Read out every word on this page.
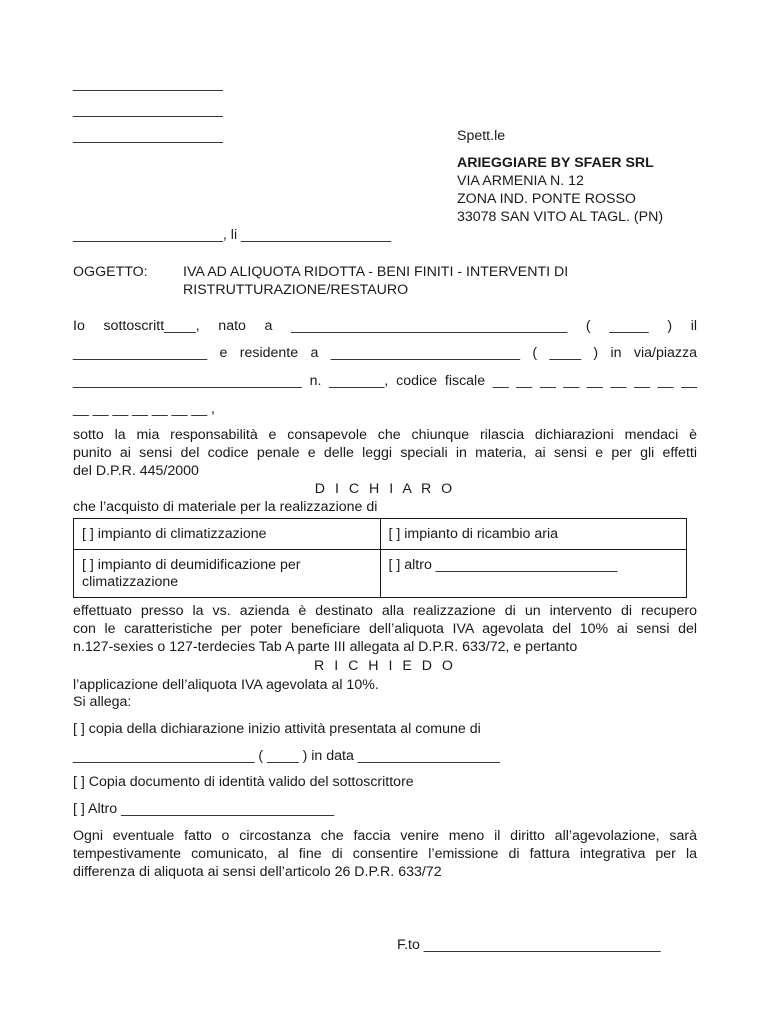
___________________
___________________
___________________	Spett.le
ARIEGGIARE BY SFAER SRL
VIA ARMENIA N. 12
ZONA IND. PONTE ROSSO
33078 SAN VITO AL TAGL. (PN)
___________________, li ___________________
OGGETTO: IVA AD ALIQUOTA RIDOTTA - BENI FINITI - INTERVENTI DI
RISTRUTTURAZIONE/RESTAURO
Io sottoscritt____, nato a ___________________________________ ( _____ ) il
_________________ e residente a ________________________ ( ____ ) in via/piazza
_____________________________ n. _______, codice fiscale __ __ __ __ __ __ __ __ __
__ __ __ __ __ __ __ ,
sotto la mia responsabilità e consapevole che chiunque rilascia dichiarazioni mendaci è
punito ai sensi del codice penale e delle leggi speciali in materia, ai sensi e per gli effetti
del D.P.R. 445/2000
D I C H I A R O
che l’acquisto di materiale per la realizzazione di
[ ] impianto di climatizzazione	[ ] impianto di ricambio aria
[ ] impianto di deumidificazione per climatizzazione	[ ] altro _______________________
effettuato presso la vs. azienda è destinato alla realizzazione di un intervento di recupero
con le caratteristiche per poter beneficiare dell’aliquota IVA agevolata del 10% ai sensi del
n.127-sexies o 127-terdecies Tab A parte III allegata al D.P.R. 633/72, e pertanto
R I C H I E D O
l’applicazione dell’aliquota IVA agevolata al 10%.
Si allega:
[ ] copia della dichiarazione inizio attività presentata al comune di
_______________________ ( ____ ) in data __________________
[ ] Copia documento di identità valido del sottoscrittore
[ ] Altro ___________________________
Ogni eventuale fatto o circostanza che faccia venire meno il diritto all’agevolazione, sarà
tempestivamente comunicato, al fine di consentire l’emissione di fattura integrativa per la
differenza di aliquota ai sensi dell’articolo 26 D.P.R. 633/72
F.to ______________________________
